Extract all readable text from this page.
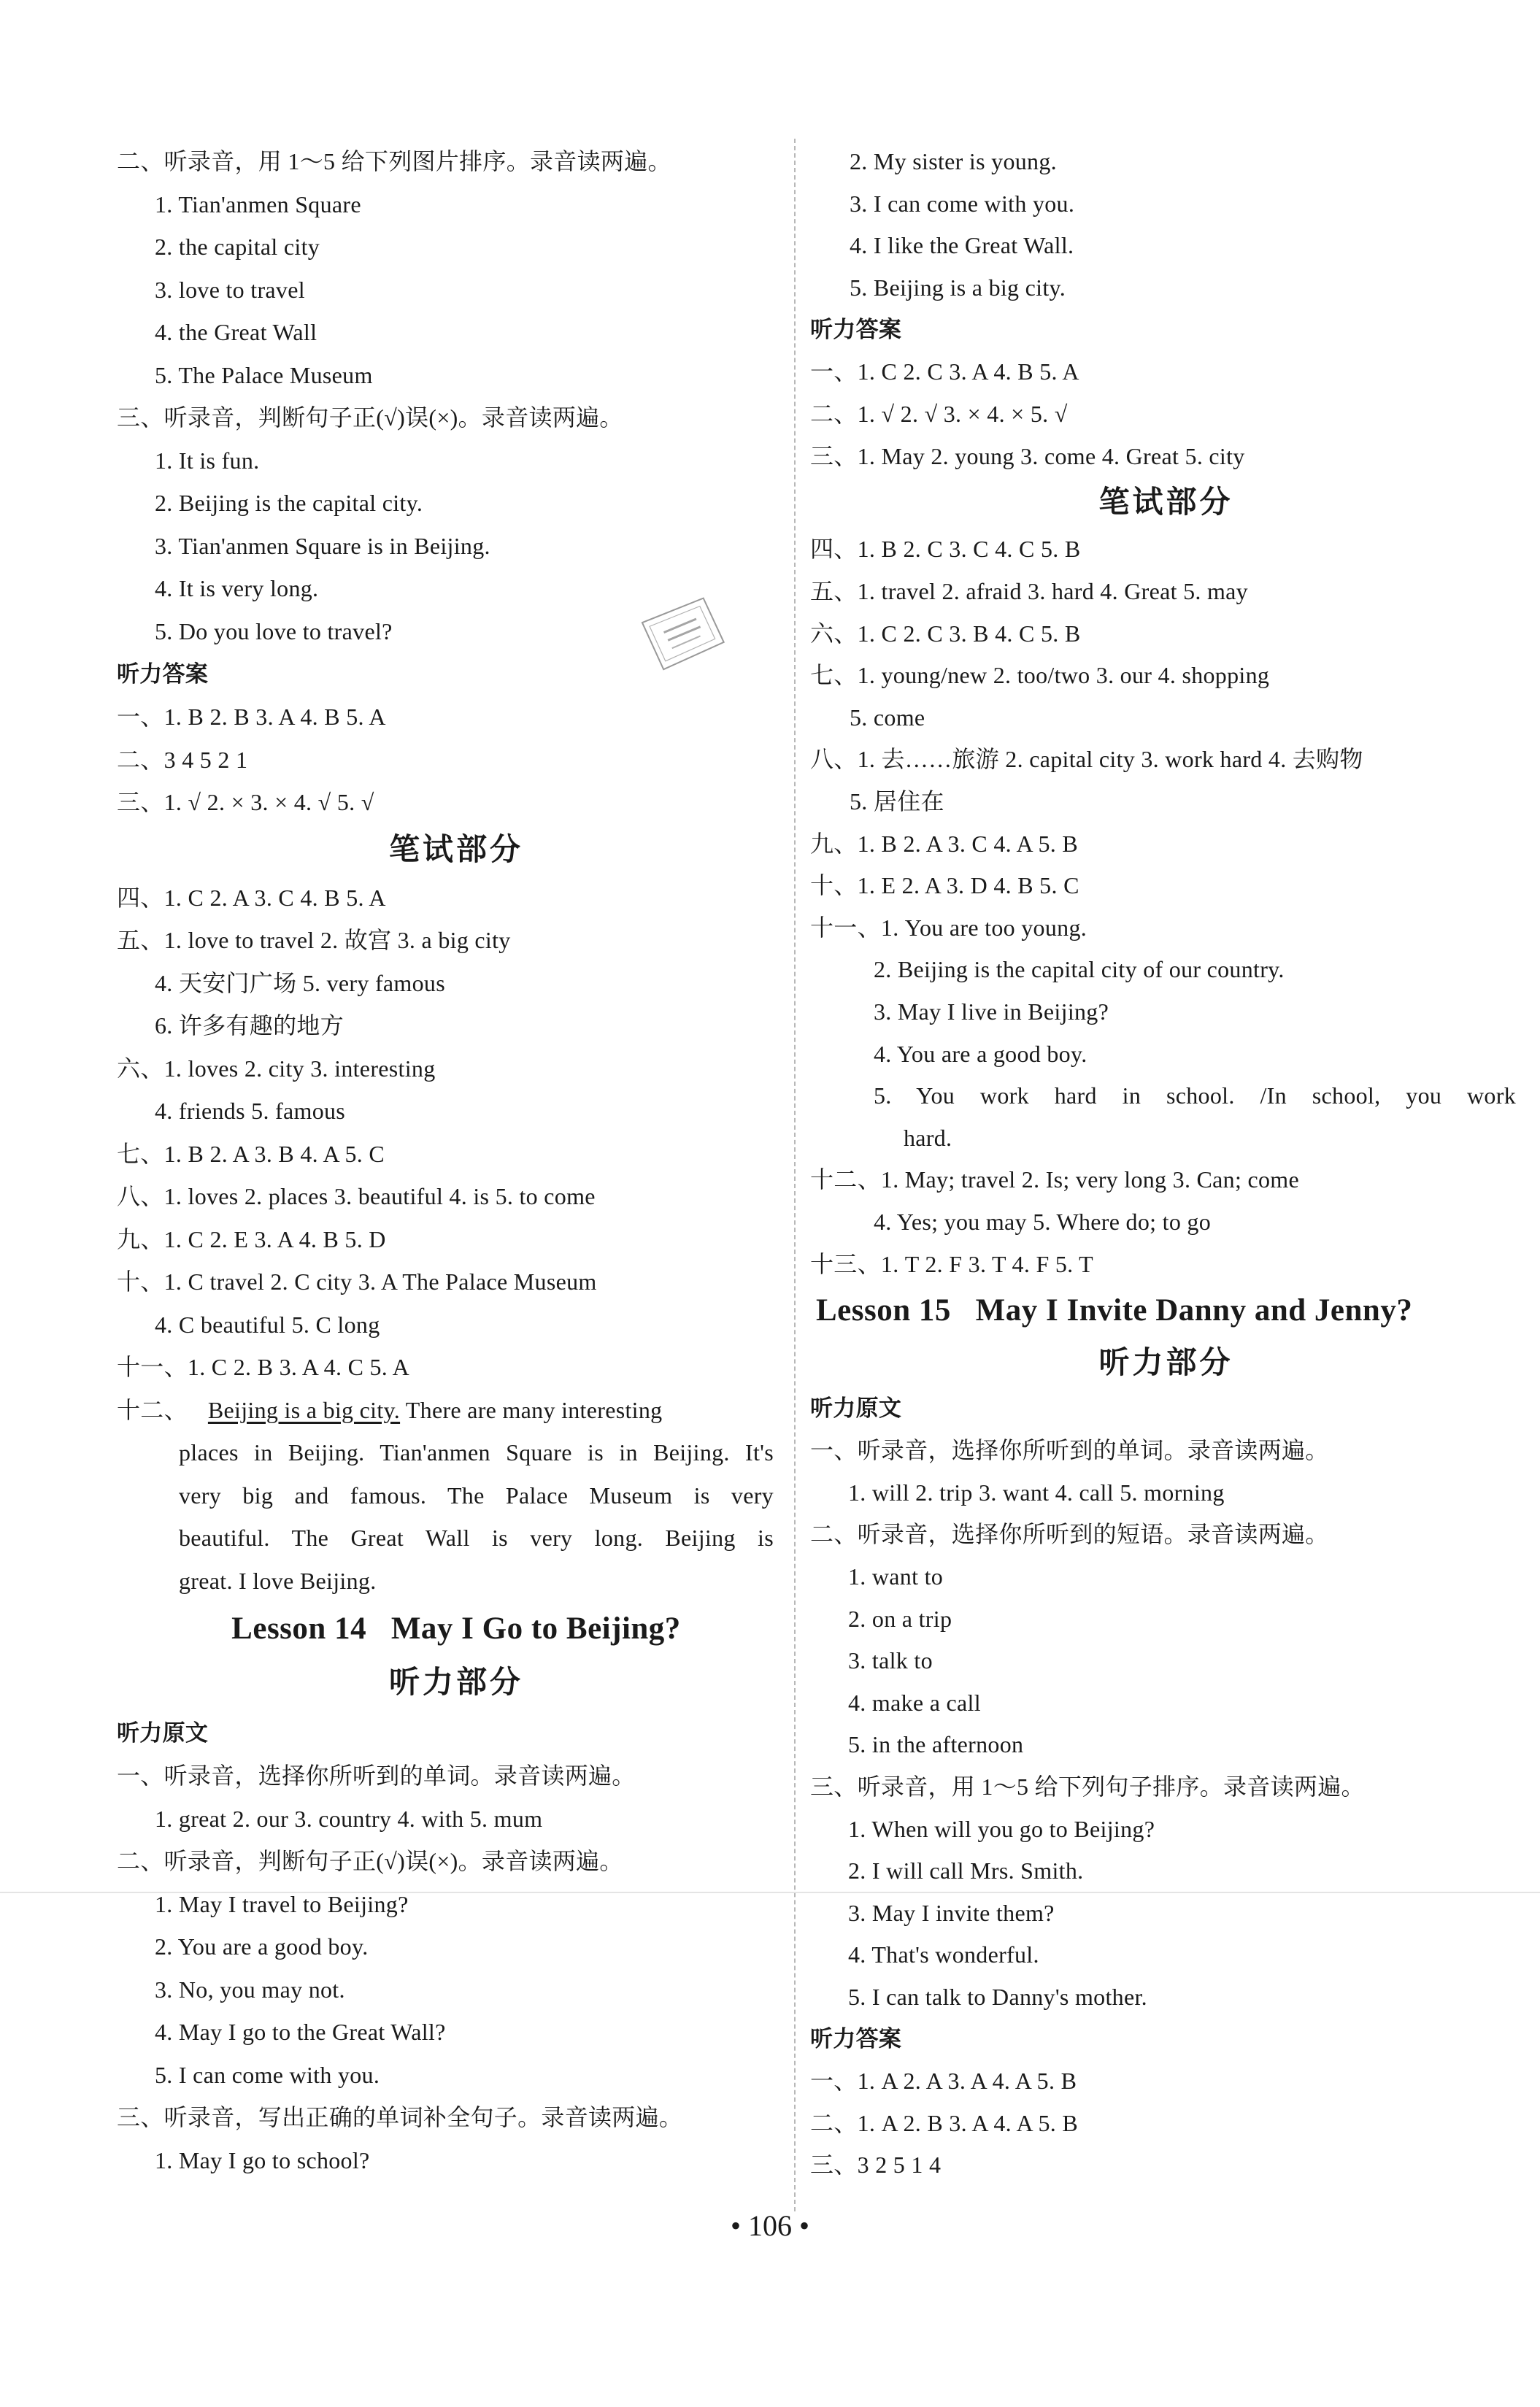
二、听录音，用 1～5 给下列图片排序。录音读两遍。
1. Tian'anmen Square
2. the capital city
3. love to travel
4. the Great Wall
5. The Palace Museum
三、听录音，判断句子正(√)误(×)。录音读两遍。
1. It is fun.
2. Beijing is the capital city.
3. Tian'anmen Square is in Beijing.
4. It is very long.
5. Do you love to travel?
听力答案
一、1. B 2. B 3. A 4. B 5. A
二、3 4 5 2 1
三、1. √ 2. × 3. × 4. √ 5. √
笔试部分
四、1. C 2. A 3. C 4. B 5. A
五、1. love to travel 2. 故宫 3. a big city
4. 天安门广场 5. very famous
6. 许多有趣的地方
六、1. loves 2. city 3. interesting
4. friends 5. famous
七、1. B 2. A 3. B 4. A 5. C
八、1. loves 2. places 3. beautiful 4. is 5. to come
九、1. C 2. E 3. A 4. B 5. D
十、1. C travel 2. C city 3. A The Palace Museum
4. C beautiful 5. C long
十一、1. C 2. B 3. A 4. C 5. A
十二、 Beijing is a big city. There are many interesting
places in Beijing. Tian'anmen Square is in Beijing. It's
very big and famous. The Palace Museum is very
beautiful. The Great Wall is very long. Beijing is
great. I love Beijing.
Lesson 14   May I Go to Beijing?
听力部分
听力原文
一、听录音，选择你所听到的单词。录音读两遍。
1. great 2. our 3. country 4. with 5. mum
二、听录音，判断句子正(√)误(×)。录音读两遍。
1. May I travel to Beijing?
2. You are a good boy.
3. No, you may not.
4. May I go to the Great Wall?
5. I can come with you.
三、听录音，写出正确的单词补全句子。录音读两遍。
1. May I go to school?
2. My sister is young.
3. I can come with you.
4. I like the Great Wall.
5. Beijing is a big city.
听力答案
一、1. C 2. C 3. A 4. B 5. A
二、1. √ 2. √ 3. × 4. × 5. √
三、1. May 2. young 3. come 4. Great 5. city
笔试部分
四、1. B 2. C 3. C 4. C 5. B
五、1. travel 2. afraid 3. hard 4. Great 5. may
六、1. C 2. C 3. B 4. C 5. B
七、1. young/new 2. too/two 3. our 4. shopping
5. come
八、1. 去……旅游 2. capital city 3. work hard 4. 去购物
5. 居住在
九、1. B 2. A 3. C 4. A 5. B
十、1. E 2. A 3. D 4. B 5. C
十一、1. You are too young.
2. Beijing is the capital city of our country.
3. May I live in Beijing?
4. You are a good boy.
5. You work hard in school. /In school, you work
hard.
十二、1. May; travel 2. Is; very long 3. Can; come
4. Yes; you may 5. Where do; to go
十三、1. T 2. F 3. T 4. F 5. T
Lesson 15   May I Invite Danny and Jenny?
听力部分
听力原文
一、听录音，选择你所听到的单词。录音读两遍。
1. will 2. trip 3. want 4. call 5. morning
二、听录音，选择你所听到的短语。录音读两遍。
1. want to
2. on a trip
3. talk to
4. make a call
5. in the afternoon
三、听录音，用 1～5 给下列句子排序。录音读两遍。
1. When will you go to Beijing?
2. I will call Mrs. Smith.
3. May I invite them?
4. That's wonderful.
5. I can talk to Danny's mother.
听力答案
一、1. A 2. A 3. A 4. A 5. B
二、1. A 2. B 3. A 4. A 5. B
三、3 2 5 1 4
• 106 •
